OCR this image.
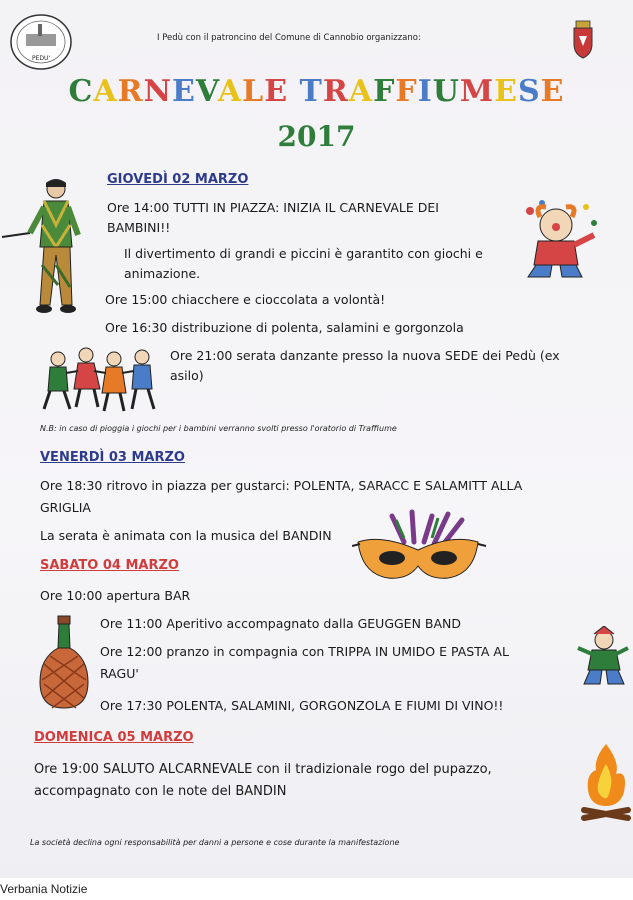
PEDU'
I Pedù con il patroncino del Comune di Cannobio organizzano:
CARNEVALE TRAFFIUMESE
2017
GIOVEDÌ 02 MARZO
Ore 14:00 TUTTI IN PIAZZA: INIZIA IL CARNEVALE DEI
BAMBINI!!
Il divertimento di grandi e piccini è garantito con giochi e
animazione.
Ore 15:00 chiacchere e cioccolata a volontà!
Ore 16:30 distribuzione di polenta, salamini e gorgonzola
Ore 21:00 serata danzante presso la nuova SEDE dei Pedù (ex
asilo)
N.B: in caso di pioggia i giochi per i bambini verranno svolti presso l'oratorio di Traffiume
VENERDÌ 03 MARZO
Ore 18:30 ritrovo in piazza per gustarci: POLENTA, SARACC E SALAMITT ALLA
GRIGLIA
La serata è animata con la musica del BANDIN
SABATO 04 MARZO
Ore 10:00 apertura BAR
Ore 11:00 Aperitivo accompagnato dalla GEUGGEN BAND
Ore 12:00 pranzo in compagnia con TRIPPA IN UMIDO E PASTA AL
RAGU'
Ore 17:30 POLENTA, SALAMINI, GORGONZOLA E FIUMI DI VINO!!
DOMENICA 05 MARZO
Ore 19:00 SALUTO ALCARNEVALE con il tradizionale rogo del pupazzo,
accompagnato con le note del BANDIN
La società declina ogni responsabilità per danni a persone e cose durante la manifestazione
Verbania Notizie
